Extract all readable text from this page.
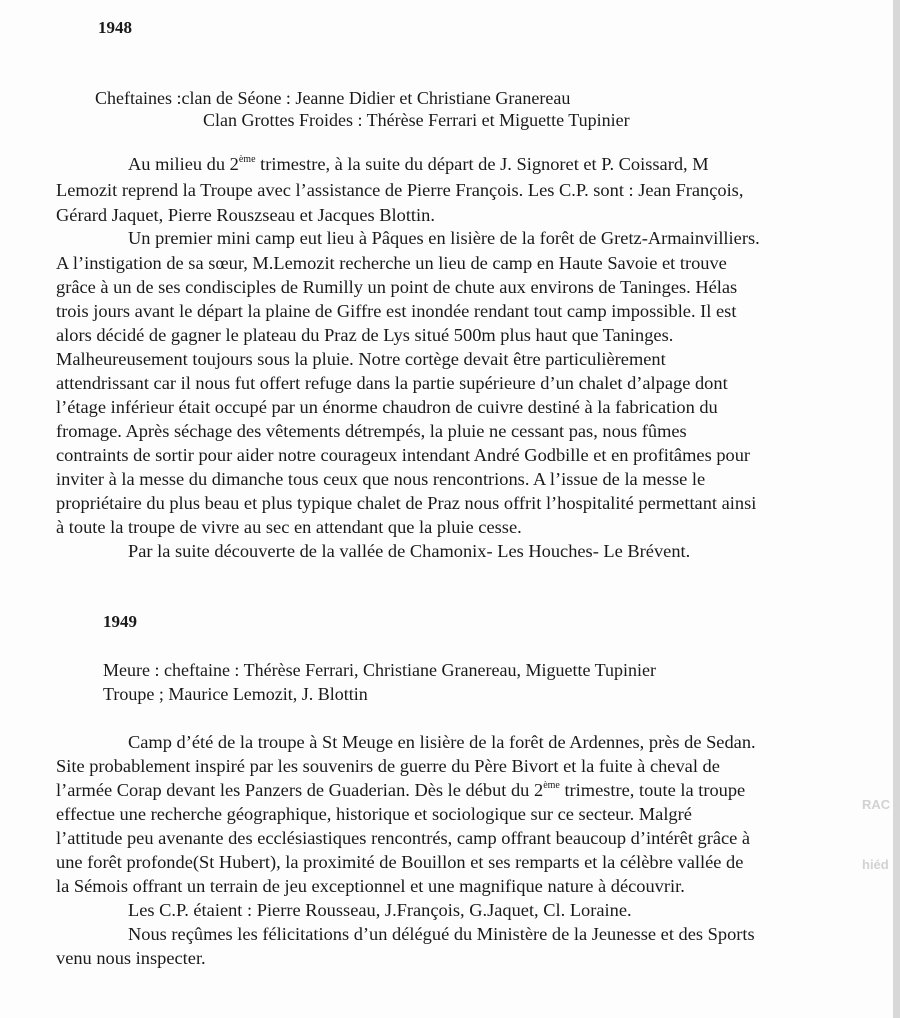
1948
Cheftaines :clan de Séone : Jeanne Didier et Christiane Granereau
Clan Grottes Froides : Thérèse Ferrari et Miguette Tupinier
Au milieu du 2ème trimestre, à la suite du départ de J. Signoret et P. Coissard, M
Lemozit reprend la Troupe avec l’assistance de Pierre François. Les C.P. sont : Jean François,
Gérard Jaquet, Pierre Rouszseau et Jacques Blottin.
Un premier mini camp eut lieu à Pâques en lisière de la forêt de Gretz-Armainvilliers.
A l’instigation de sa sœur, M.Lemozit recherche un lieu de camp en Haute Savoie et trouve
grâce à un de ses condisciples de Rumilly un point de chute aux environs de Taninges. Hélas
trois jours avant le départ la plaine de Giffre est inondée rendant tout camp impossible. Il est
alors décidé de gagner le plateau du Praz de Lys situé 500m plus haut que Taninges.
Malheureusement toujours sous la pluie. Notre cortège devait être particulièrement
attendrissant car il nous fut offert refuge dans la partie supérieure d’un chalet d’alpage dont
l’étage inférieur était occupé par un énorme chaudron de cuivre destiné à la fabrication du
fromage. Après séchage des vêtements détrempés, la pluie ne cessant pas, nous fûmes
contraints de sortir pour aider notre courageux intendant André Godbille et en profitâmes pour
inviter à la messe du dimanche tous ceux que nous rencontrions. A l’issue de la messe le
propriétaire du plus beau et plus typique chalet de Praz nous offrit l’hospitalité permettant ainsi
à toute la troupe de vivre au sec en attendant que la pluie cesse.
Par la suite découverte de la vallée de Chamonix- Les Houches- Le Brévent.
1949
Meure : cheftaine : Thérèse Ferrari, Christiane Granereau, Miguette Tupinier
Troupe ; Maurice Lemozit, J. Blottin
Camp d’été de la troupe à St Meuge en lisière de la forêt de Ardennes, près de Sedan.
Site probablement inspiré par les souvenirs de guerre du Père Bivort et la fuite à cheval de
l’armée Corap devant les Panzers de Guaderian. Dès le début du 2ème trimestre, toute la troupe
effectue une recherche géographique, historique et sociologique sur ce secteur. Malgré
l’attitude peu avenante des ecclésiastiques rencontrés, camp offrant beaucoup d’intérêt grâce à
une forêt profonde(St Hubert), la proximité de Bouillon et ses remparts et la célèbre vallée de
la Sémois offrant un terrain de jeu exceptionnel et une magnifique nature à découvrir.
Les C.P. étaient : Pierre Rousseau, J.François, G.Jaquet, Cl. Loraine.
Nous reçûmes les félicitations d’un délégué du Ministère de la Jeunesse et des Sports
venu nous inspecter.
RAC
hiéd
